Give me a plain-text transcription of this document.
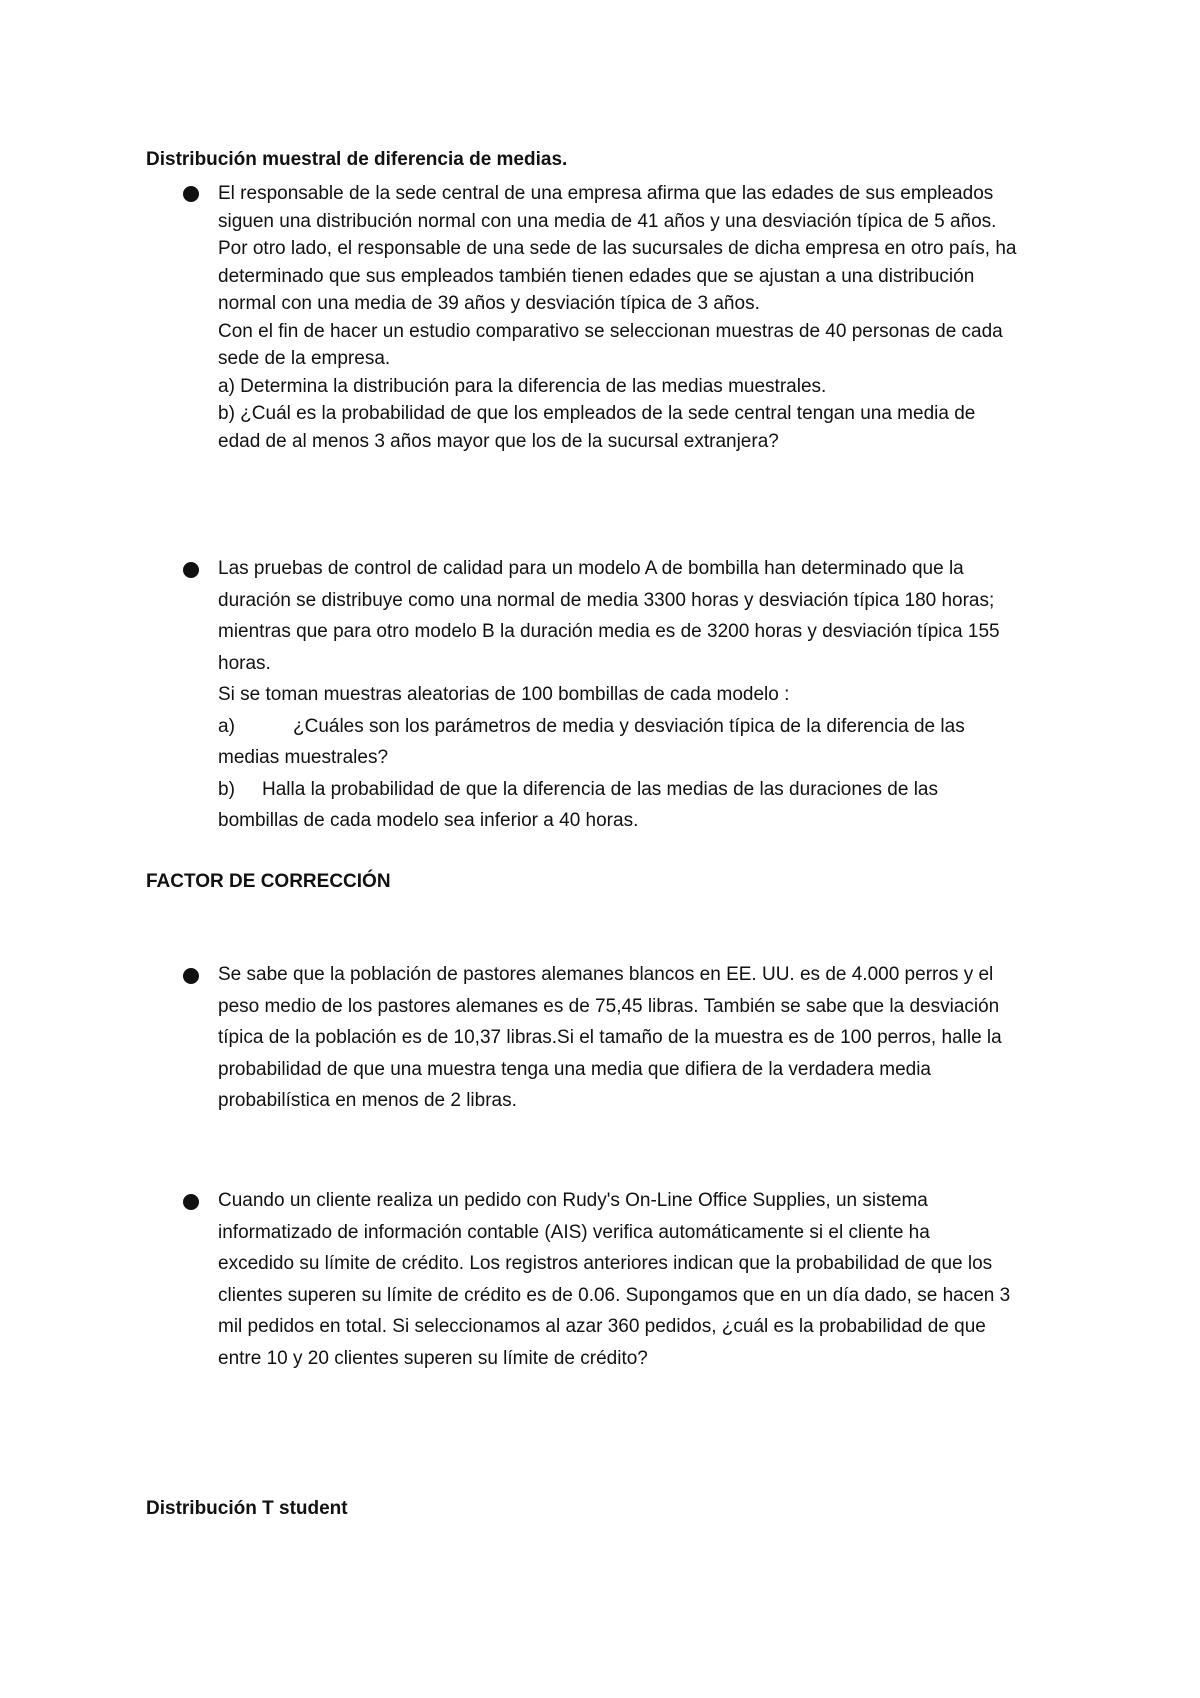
Distribución muestral de diferencia de medias.
El responsable de la sede central de una empresa afirma que las edades de sus empleados
siguen una distribución normal con una media de 41 años y una desviación típica de 5 años.
Por otro lado, el responsable de una sede de las sucursales de dicha empresa en otro país, ha
determinado que sus empleados también tienen edades que se ajustan a una distribución
normal con una media de 39 años y desviación típica de 3 años.
Con el fin de hacer un estudio comparativo se seleccionan muestras de 40 personas de cada
sede de la empresa.
a) Determina la distribución para la diferencia de las medias muestrales.
b) ¿Cuál es la probabilidad de que los empleados de la sede central tengan una media de
edad de al menos 3 años mayor que los de la sucursal extranjera?
Las pruebas de control de calidad para un modelo A de bombilla han determinado que la
duración se distribuye como una normal de media 3300 horas y desviación típica 180 horas;
mientras que para otro modelo B la duración media es de 3200 horas y desviación típica 155
horas.
Si se toman muestras aleatorias de 100 bombillas de cada modelo :
a)	¿Cuáles son los parámetros de media y desviación típica de la diferencia de las
medias muestrales?
b) Halla la probabilidad de que la diferencia de las medias de las duraciones de las
bombillas de cada modelo sea inferior a 40 horas.
FACTOR DE CORRECCIÓN
Se sabe que la población de pastores alemanes blancos en EE. UU. es de 4.000 perros y el
peso medio de los pastores alemanes es de 75,45 libras. También se sabe que la desviación
típica de la población es de 10,37 libras.Si el tamaño de la muestra es de 100 perros, halle la
probabilidad de que una muestra tenga una media que difiera de la verdadera media
probabilística en menos de 2 libras.
Cuando un cliente realiza un pedido con Rudy's On-Line Office Supplies, un sistema
informatizado de información contable (AIS) verifica automáticamente si el cliente ha
excedido su límite de crédito. Los registros anteriores indican que la probabilidad de que los
clientes superen su límite de crédito es de 0.06. Supongamos que en un día dado, se hacen 3
mil pedidos en total. Si seleccionamos al azar 360 pedidos, ¿cuál es la probabilidad de que
entre 10 y 20 clientes superen su límite de crédito?
Distribución T student
